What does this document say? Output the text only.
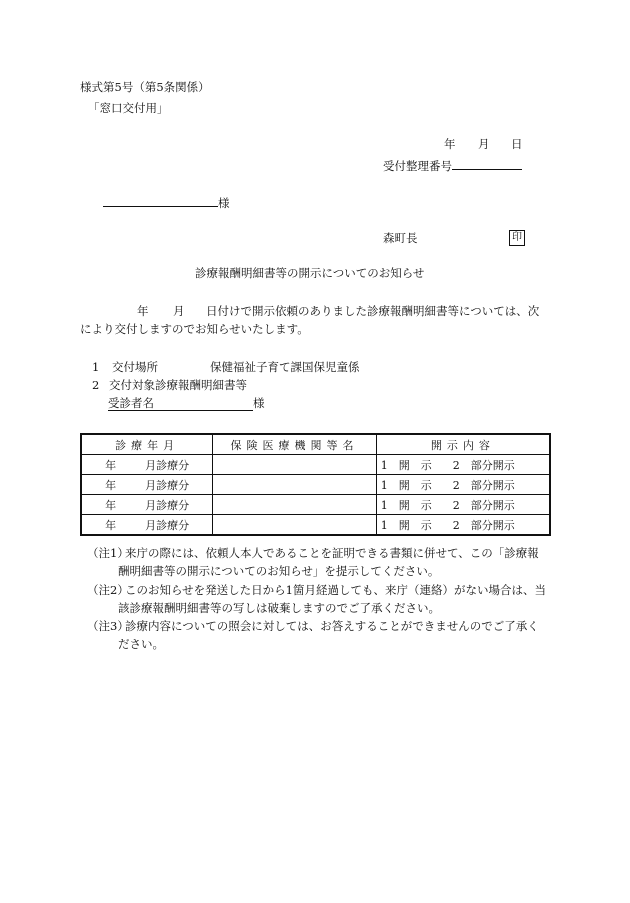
様式第5号（第5条関係）
「窓口交付用」
年 月 日
受付整理番号
様
森町長	印
診療報酬明細書等の開示についてのお知らせ
年 月 日付けで開示依頼のありました診療報酬明細書等については、次
により交付しますのでお知らせいたします。
1 交付場所	保健福祉子育て課国保児童係
2 交付対象診療報酬明細書等
受診者名	様
診療年月	保険医療機関等名	開示内容
年 月診療分		1　開　示 2　部分開示
年 月診療分		1　開　示 2　部分開示
年 月診療分		1　開　示 2　部分開示
年 月診療分		1　開　示 2　部分開示
（注1）来庁の際には、依頼人本人であることを証明できる書類に併せて、この「診療報
酬明細書等の開示についてのお知らせ」を提示してください。
（注2）このお知らせを発送した日から1箇月経過しても、来庁（連絡）がない場合は、当
該診療報酬明細書等の写しは破棄しますのでご了承ください。
（注3）診療内容についての照会に対しては、お答えすることができませんのでご了承く
ださい。
